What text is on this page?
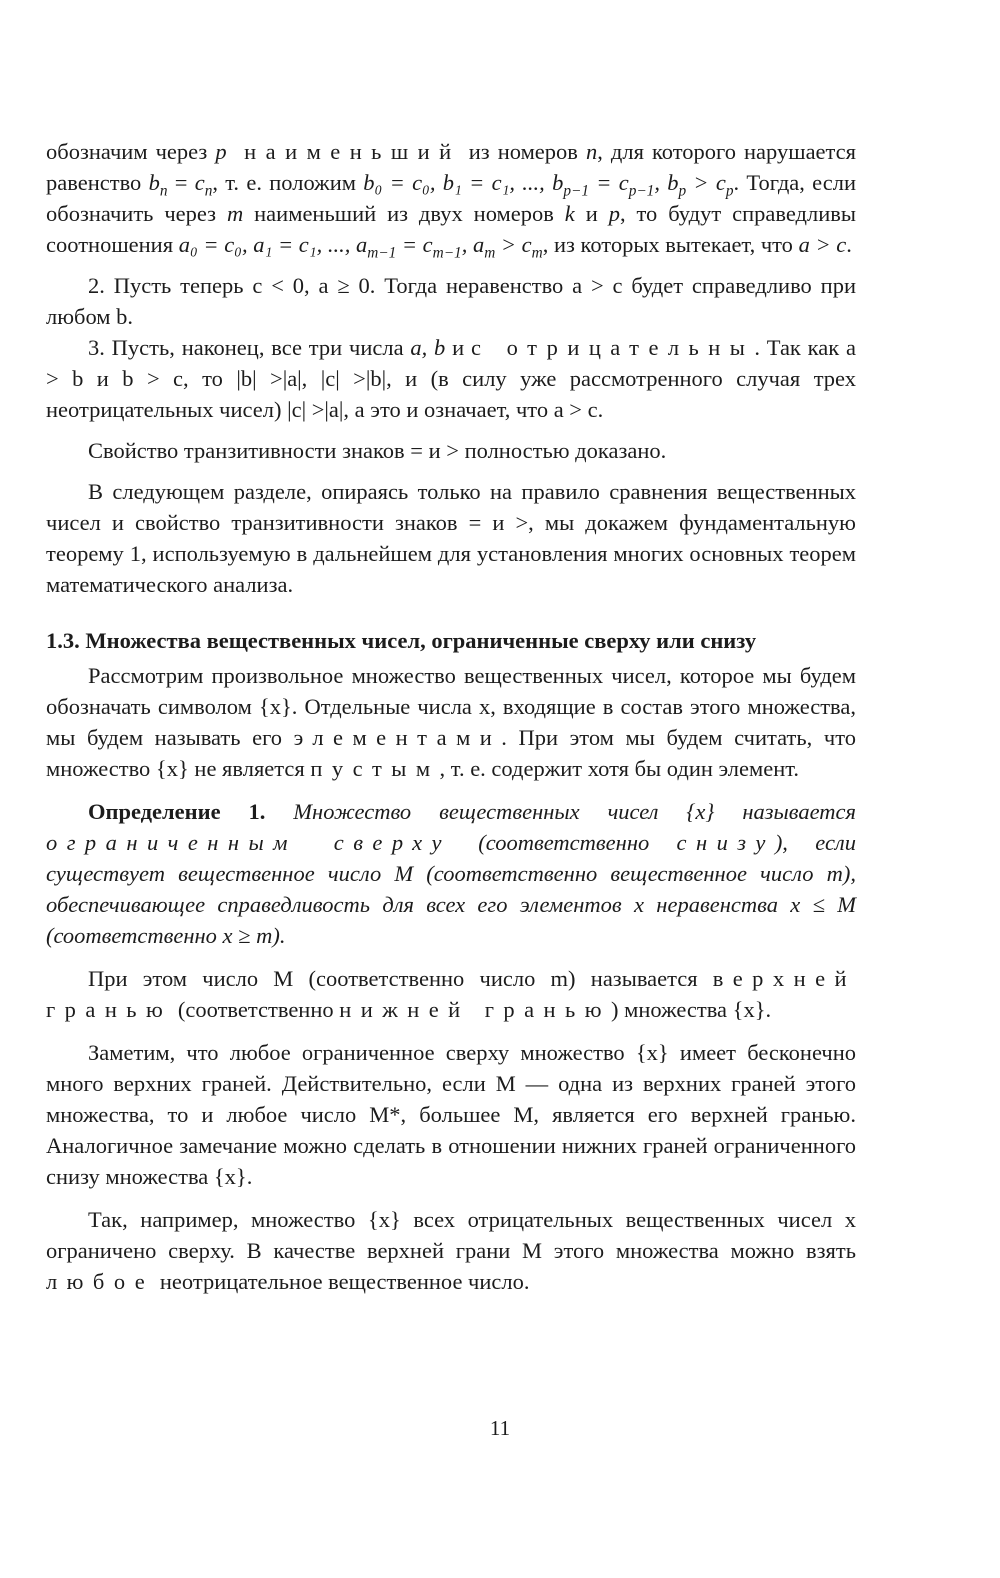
обозначим через p наименьший из номеров n, для которого нарушается равенство $b_n = c_n$, т. е. положим b₀ = c₀, b₁ = c₁, ..., $b_{p-1} = c_{p-1}$, $b_p > c_p$. Тогда, если обозначить через m наименьший из двух номеров k и p, то будут справедливы соотношения a₀ = c₀, a₁ = c₁, ..., $a_{m-1} = c_{m-1}$, $a_m > c_m$, из которых вытекает, что a > c.

2. Пусть теперь c < 0, a ≥ 0. Тогда неравенство a > c будет справедливо при любом b.

3. Пусть, наконец, все три числа a, b и с отрицательны. Так как a > b и b > c, то |b| >|a|, |c| >|b|, и (в силу уже рассмотренного случая трех неотрицательных чисел) |c| >|a|, а это и означает, что a > c.

Свойство транзитивности знаков = и > полностью доказано.

В следующем разделе, опираясь только на правило сравнения вещественных чисел и свойство транзитивности знаков = и >, мы докажем фундаментальную теорему 1, используемую в дальнейшем для установления многих основных теорем математического анализа.

1.3. Множества вещественных чисел, ограниченные сверху или снизу

Рассмотрим произвольное множество вещественных чисел, которое мы будем обозначать символом {x}. Отдельные числа x, входящие в состав этого множества, мы будем называть его элементами. При этом мы будем считать, что множество {x} не является пустым, т. е. содержит хотя бы один элемент.

Определение 1. Множество вещественных чисел {x} называется ограниченным сверху (соответственно снизу), если существует вещественное число M (соответственно вещественное число m), обеспечивающее справедливость для всех его элементов x неравенства x ≤ M (соответственно x ≥ m).

При этом число M (соответственно число m) называется верхней гранью (соответственно нижней гранью) множества {x}.

Заметим, что любое ограниченное сверху множество {x} имеет бесконечно много верхних граней. Действительно, если M — одна из верхних граней этого множества, то и любое число M*, большее M, является его верхней гранью. Аналогичное замечание можно сделать в отношении нижних граней ограниченного снизу множества {x}.

Так, например, множество {x} всех отрицательных вещественных чисел x ограничено сверху. В качестве верхней грани M этого множества можно взять любое неотрицательное вещественное число.

11
